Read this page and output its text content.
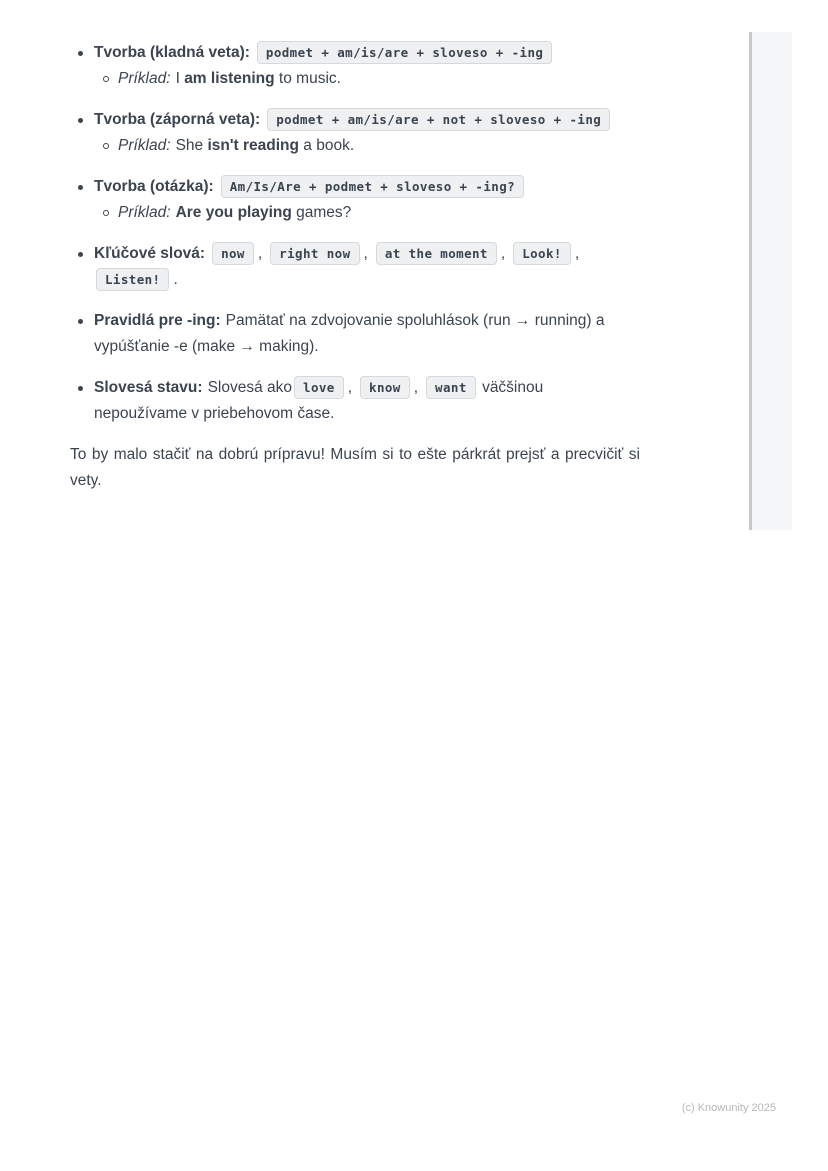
Tvorba (kladná veta): podmet + am/is/are + sloveso + -ing
Príklad: I am listening to music.
Tvorba (záporná veta): podmet + am/is/are + not + sloveso + -ing
Príklad: She isn't reading a book.
Tvorba (otázka): Am/Is/Are + podmet + sloveso + -ing?
Príklad: Are you playing games?
Kľúčové slová: now , right now , at the moment , Look! ,Listen! .
Pravidlá pre -ing: Pamätať na zdvojovanie spoluhlások (run → running) a vypúšťanie -e (make → making).
Slovesá stavu: Slovesá ako love , know , want väčšinou nepoužívame v priebehovom čase.

To by malo stačiť na dobrú prípravu! Musím si to ešte párkrát prejsť a precvičiť si vety.

(c) Knowunity 2025
